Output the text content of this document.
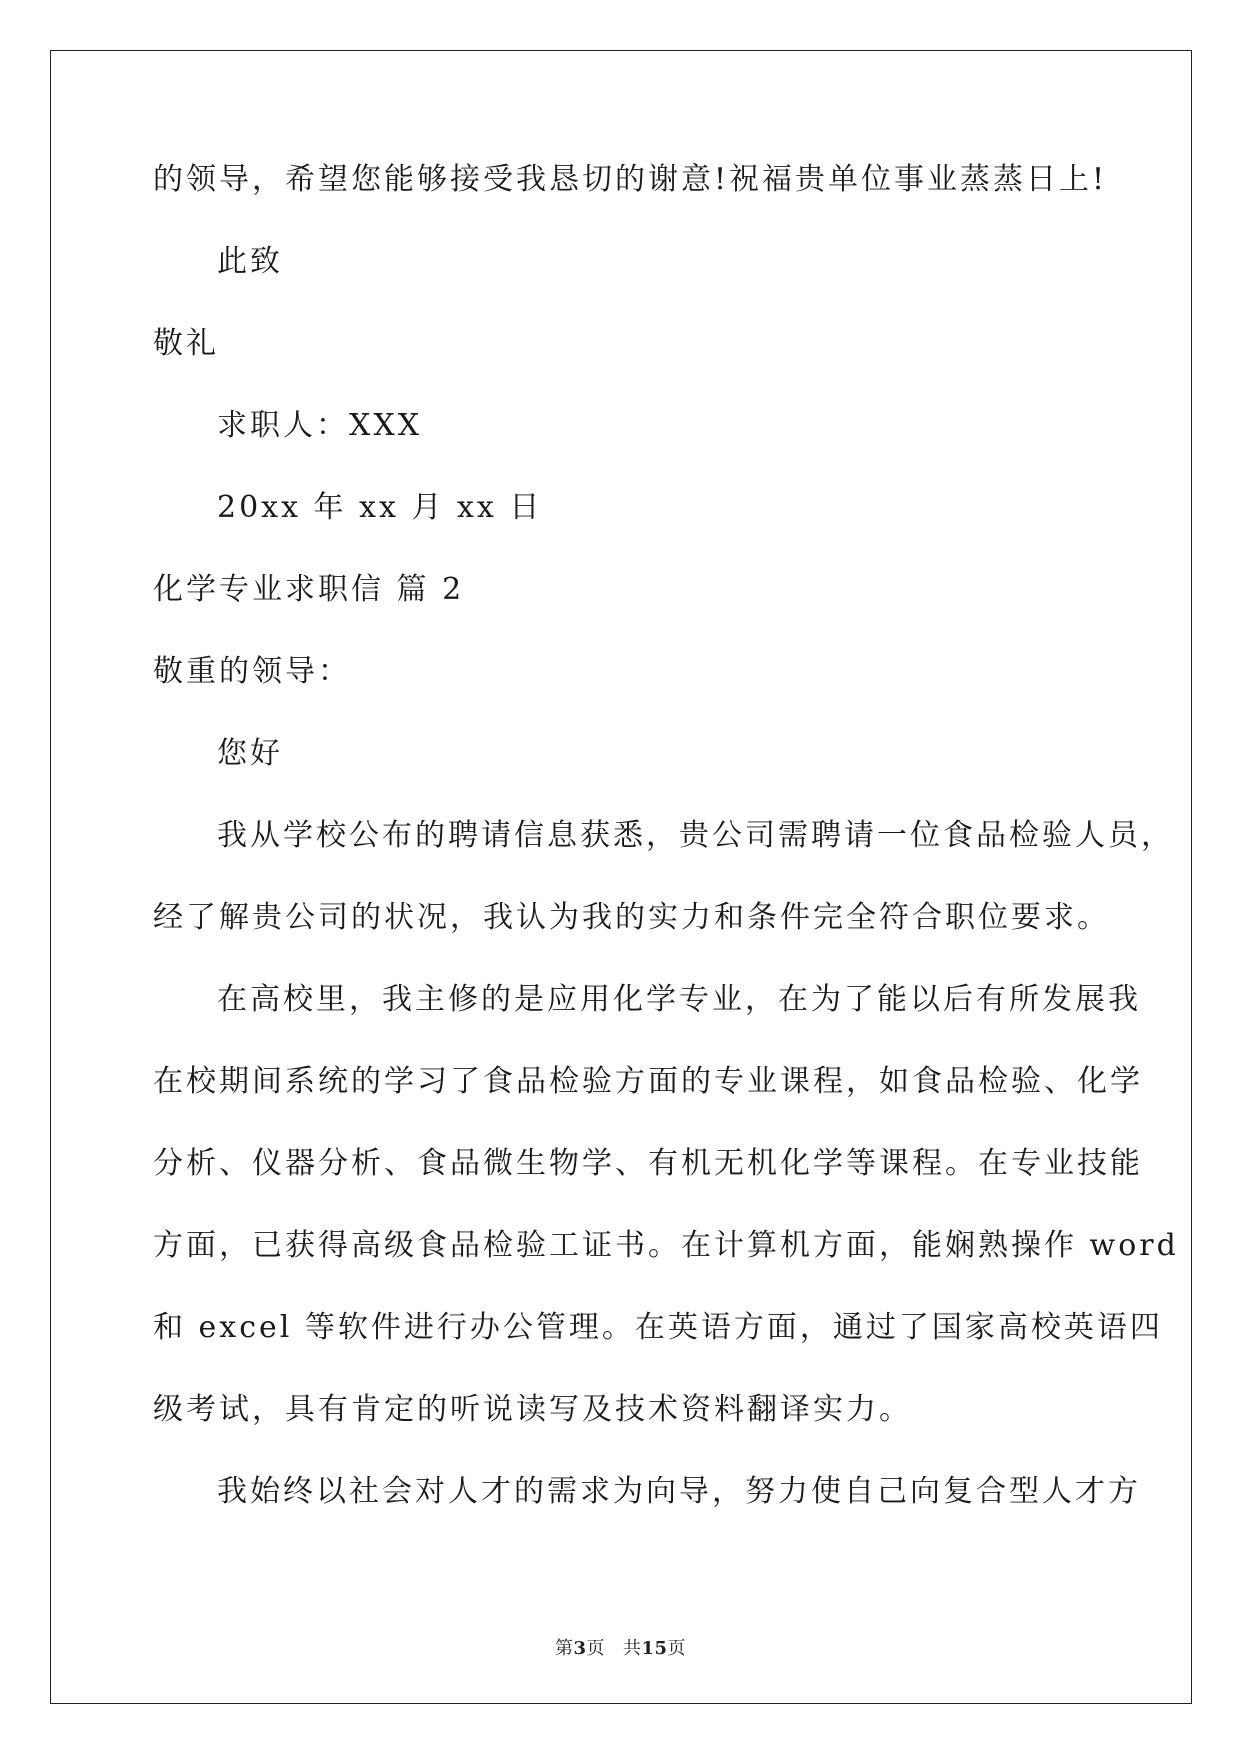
的领导，希望您能够接受我恳切的谢意!祝福贵单位事业蒸蒸日上!
此致
敬礼
求职人：XXX
20xx 年 xx 月 xx 日
化学专业求职信 篇 2
敬重的领导：
您好
我从学校公布的聘请信息获悉，贵公司需聘请一位食品检验人员，
经了解贵公司的状况，我认为我的实力和条件完全符合职位要求。
在高校里，我主修的是应用化学专业，在为了能以后有所发展我
在校期间系统的学习了食品检验方面的专业课程，如食品检验、化学
分析、仪器分析、食品微生物学、有机无机化学等课程。在专业技能
方面，已获得高级食品检验工证书。在计算机方面，能娴熟操作 word
和 excel 等软件进行办公管理。在英语方面，通过了国家高校英语四
级考试，具有肯定的听说读写及技术资料翻译实力。
我始终以社会对人才的需求为向导，努力使自己向复合型人才方
第3页 共15页
